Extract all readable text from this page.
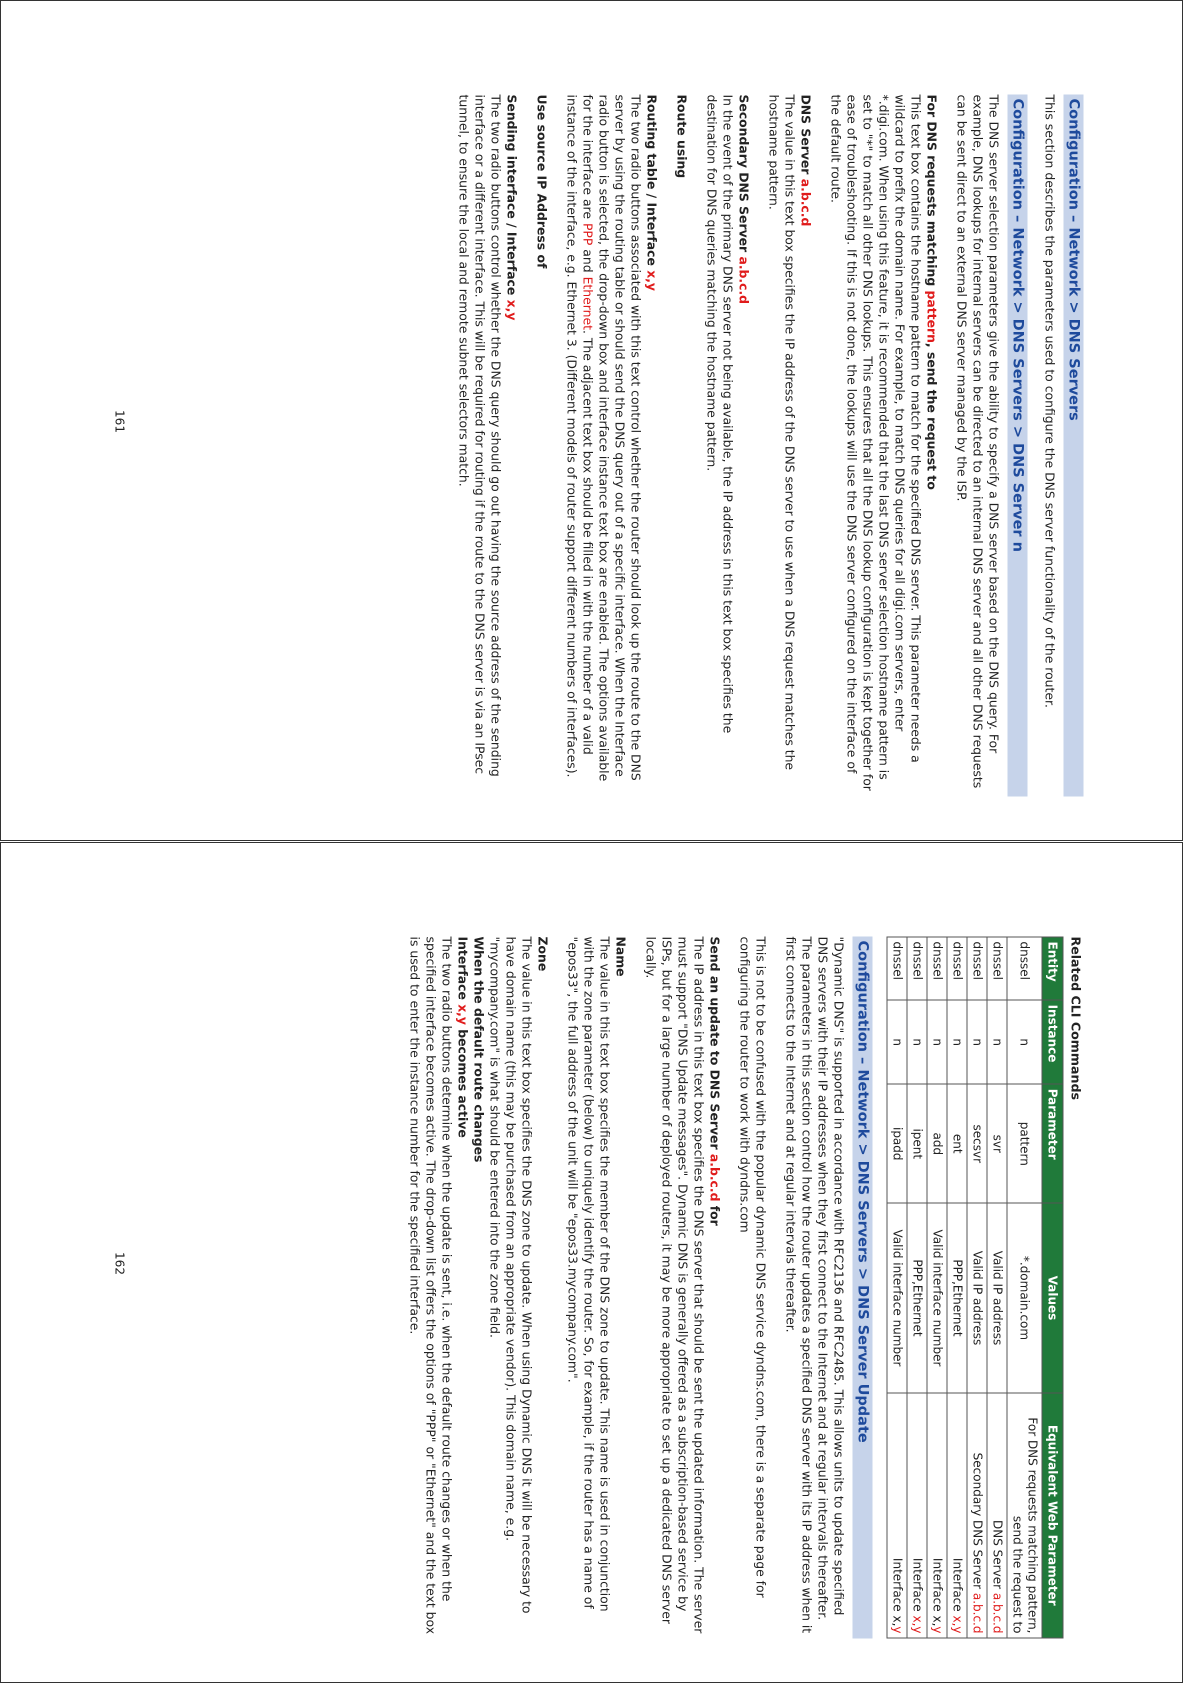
Configuration – Network > DNS Servers

This section describes the parameters used to configure the DNS server functionality of the router.

Configuration – Network > DNS Servers > DNS Server n

The DNS server selection parameters give the ability to specify a DNS server based on the DNS query. For example, DNS lookups for internal servers can be directed to an internal DNS server and all other DNS requests can be sent direct to an external DNS server managed by the ISP.

For DNS requests matching pattern, send the request to
This text box contains the hostname pattern to match for the specified DNS server. This parameter needs a wildcard to prefix the domain name. For example, to match DNS queries for all digi.com servers, enter *.digi.com. When using this feature, it is recommended that the last DNS server selection hostname pattern is set to "*" to match all other DNS lookups. This ensures that all the DNS lookup configuration is kept together for ease of troubleshooting. If this is not done, the lookups will use the DNS server configured on the interface of the default route.
DNS Server a.b.c.d
The value in this text box specifies the IP address of the DNS server to use when a DNS request matches the hostname pattern.
Secondary DNS Server a.b.c.d
In the event of the primary DNS server not being available, the IP address in this text box specifies the destination for DNS queries matching the hostname pattern.
Route using
Routing table / Interface x,y
The two radio buttons associated with this text control whether the router should look up the route to the DNS server by using the routing table or should send the DNS query out of a specific interface. When the Interface radio button is selected, the drop-down box and interface instance text box are enabled. The options available for the interface are PPP and Ethernet. The adjacent text box should be filled in with the number of a valid instance of the interface, e.g. Ethernet 3. (Different models of router support different numbers of interfaces).
Use source IP Address of
Sending interface / Interface x,y
The two radio buttons control whether the DNS query should go out having the source address of the sending interface or a different interface. This will be required for routing if the route to the DNS server is via an IPsec tunnel, to ensure the local and remote subnet selectors match.
161
Related CLI Commands
Entity	Instance	Parameter	Values	Equivalent Web Parameter
dnssel	n	pattern	*.domain.com	For DNS requests matching pattern, send the request to
dnssel	n	svr	Valid IP address	DNS Server a.b.c.d
dnssel	n	secsvr	Valid IP address	Secondary DNS Server a.b.c.d
dnssel	n	ent	PPP,Ethernet	Interface x,y
dnssel	n	add	Valid interface number	Interface x,y
dnssel	n	ipent	PPP,Ethernet	Interface x,y
dnssel	n	ipadd	Valid interface number	Interface x,y
Configuration – Network > DNS Servers > DNS Server Update

"Dynamic DNS" is supported in accordance with RFC2136 and RFC2485. This allows units to update specified DNS servers with their IP addresses when they first connect to the Internet and at regular intervals thereafter. The parameters in this section control how the router updates a specified DNS server with its IP address when it first connects to the Internet and at regular intervals thereafter.

This is not to be confused with the popular dynamic DNS service dyndns.com, there is a separate page for configuring the router to work with dyndns.com

Send an update to DNS Server a.b.c.d for
The IP address in this text box specifies the DNS server that should be sent the updated information. The server must support "DNS Update messages". Dynamic DNS is generally offered as a subscription-based service by ISPs, but for a large number of deployed routers, it may be more appropriate to set up a dedicated DNS server locally.
Name
The value in this text box specifies the member of the DNS zone to update. This name is used in conjunction with the zone parameter (below) to uniquely identify the router. So, for example, if the router has a name of "epos33", the full address of the unit will be "epos33.mycompany.com".
Zone
The value in this text box specifies the DNS zone to update. When using Dynamic DNS it will be necessary to have domain name (this may be purchased from an appropriate vendor). This domain name, e.g. "mycompany.com" is what should be entered into the zone field.
When the default route changes
Interface x,y becomes active
The two radio buttons determine when the update is sent, i.e. when the default route changes or when the specified interface becomes active. The drop-down list offers the options of "PPP" or "Ethernet" and the text box is used to enter the instance number for the specified interface.
162
